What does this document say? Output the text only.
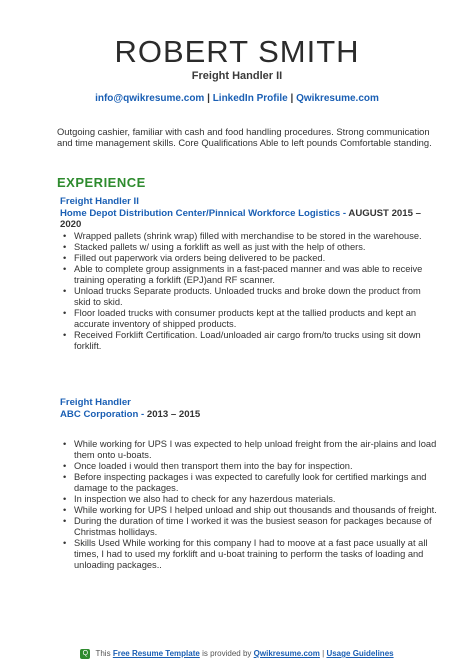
ROBERT SMITH
Freight Handler II
info@qwikresume.com | LinkedIn Profile | Qwikresume.com
Outgoing cashier, familiar with cash and food handling procedures. Strong communication and time management skills. Core Qualifications Able to left pounds Comfortable standing.
EXPERIENCE
Freight Handler II
Home Depot Distribution Center/Pinnical Workforce Logistics - AUGUST 2015 – 2020
• Wrapped pallets (shrink wrap) filled with merchandise to be stored in the warehouse.
• Stacked pallets w/ using a forklift as well as just with the help of others.
• Filled out paperwork via orders being delivered to be packed.
• Able to complete group assignments in a fast-paced manner and was able to receive training operating a forklift (EPJ)and RF scanner.
• Unload trucks Separate products. Unloaded trucks and broke down the product from skid to skid.
• Floor loaded trucks with consumer products kept at the tallied products and kept an accurate inventory of shipped products.
• Received Forklift Certification. Load/unloaded air cargo from/to trucks using sit down forklift.
Freight Handler
ABC Corporation - 2013 – 2015
• While working for UPS I was expected to help unload freight from the air-plains and load them onto u-boats.
• Once loaded i would then transport them into the bay for inspection.
• Before inspecting packages i was expected to carefully look for certified markings and damage to the packages.
• In inspection we also had to check for any hazerdous materials.
• While working for UPS I helped unload and ship out thousands and thousands of freight.
• During the duration of time I worked it was the busiest season for packages because of Christmas hollidays.
• Skills Used While working for this company I had to moove at a fast pace usually at all times, I had to used my forklift and u-boat training to perform the tasks of loading and unloading packages..
Q This Free Resume Template is provided by Qwikresume.com | Usage Guidelines
